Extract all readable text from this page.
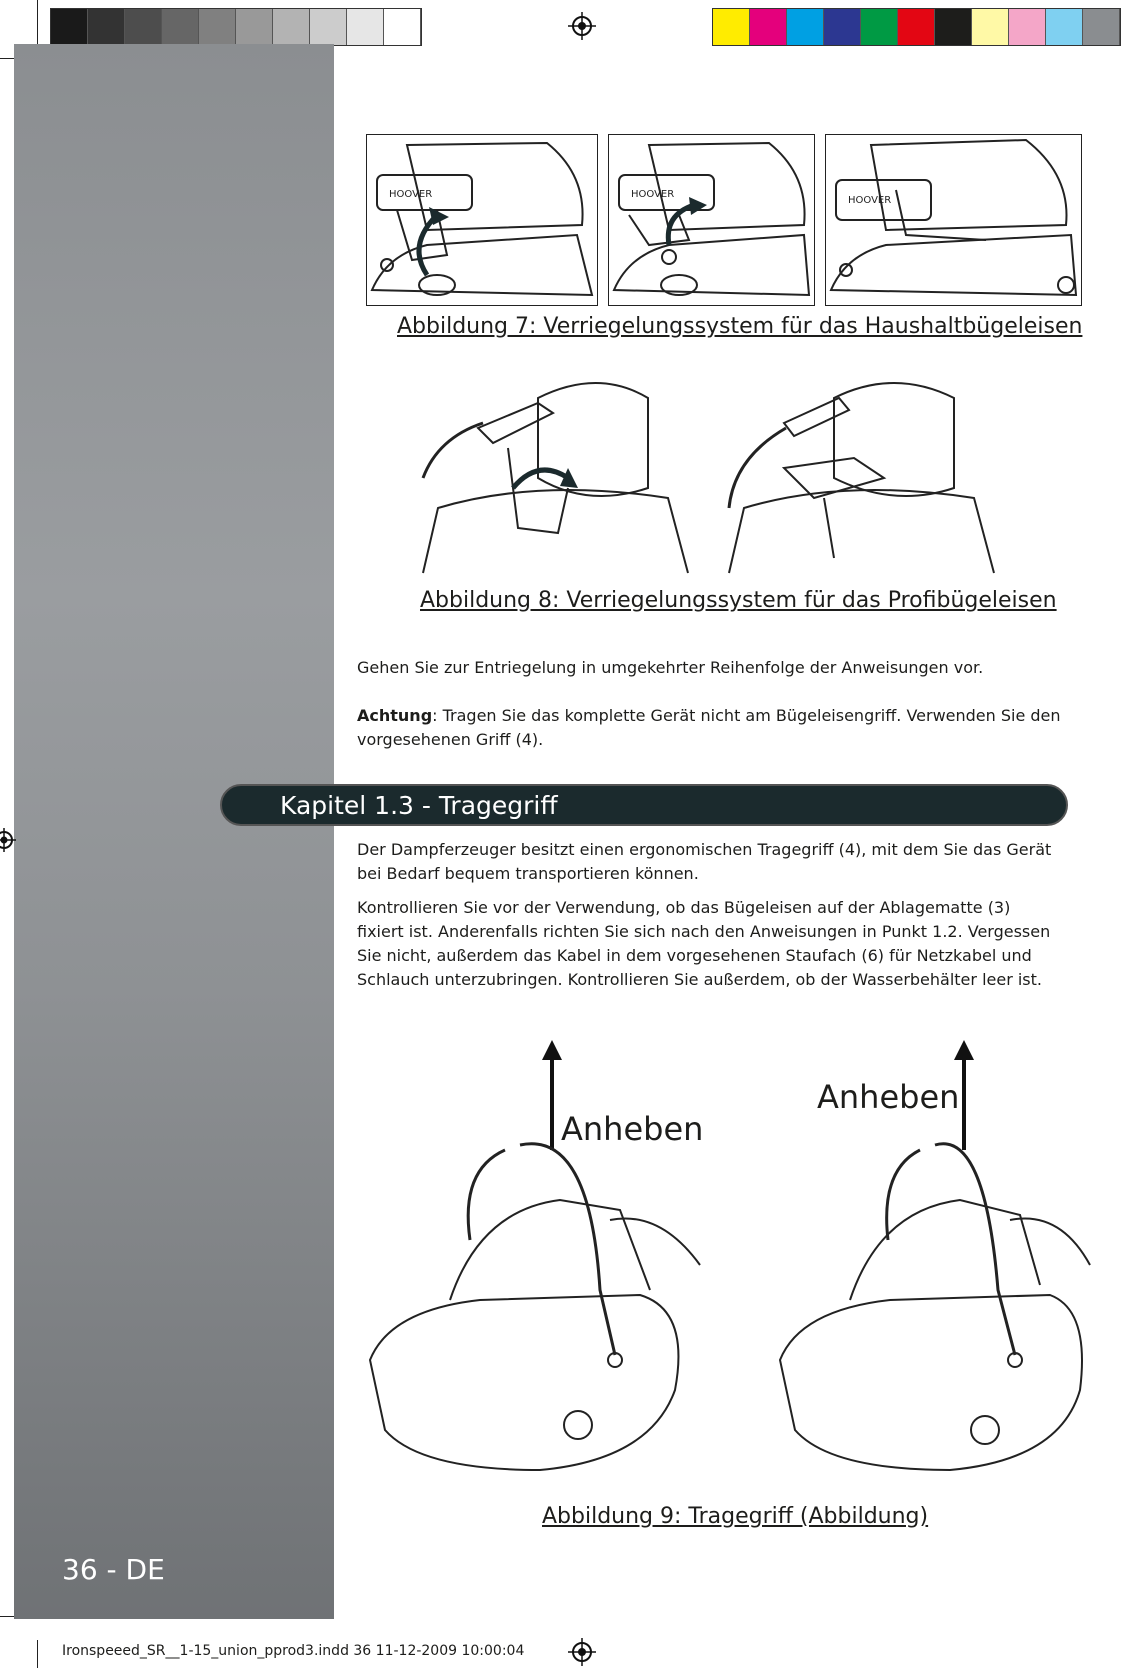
HOOVER	HOOVER
HOOVER
Abbildung 7: Verriegelungssystem für das Haushaltbügeleisen
Abbildung 8: Verriegelungssystem für das Profibügeleisen
Gehen Sie zur Entriegelung in umgekehrter Reihenfolge der Anweisungen vor.
Achtung: Tragen Sie das komplette Gerät nicht am Bügeleisengriff. Verwenden Sie den vorgesehenen Griff (4).
Kapitel 1.3 - Tragegriff
Der Dampferzeuger besitzt einen ergonomischen Tragegriff (4), mit dem Sie das Gerät bei Bedarf bequem transportieren können.
Kontrollieren Sie vor der Verwendung, ob das Bügeleisen auf der Ablagematte (3) fixiert ist. Anderenfalls richten Sie sich nach den Anweisungen in Punkt 1.2. Vergessen Sie nicht, außerdem das Kabel in dem vorgesehenen Staufach (6) für Netzkabel und Schlauch unterzubringen. Kontrollieren Sie außerdem, ob der Wasserbehälter leer ist.
Anheben
Anheben
Abbildung 9: Tragegriff (Abbildung)
36 - DE
Ironspeeed_SR__1-15_union_pprod3.indd 36 11-12-2009 10:00:04
